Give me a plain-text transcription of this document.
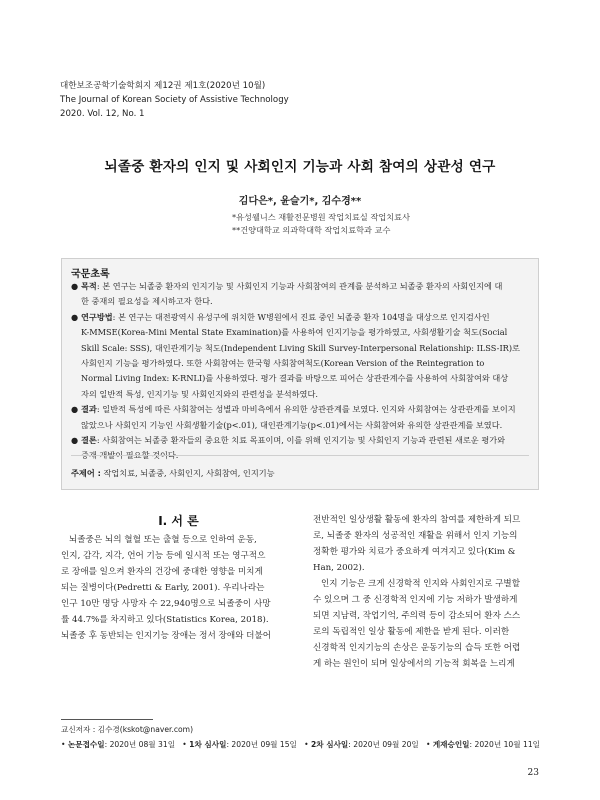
대한보조공학기술학회지 제12권 제1호(2020년 10월)
The Journal of Korean Society of Assistive Technology
2020. Vol. 12, No. 1
뇌졸중 환자의 인지 및 사회인지 기능과 사회 참여의 상관성 연구
김다은*, 윤슬기*, 김수경**
*유성웰니스 재활전문병원 작업치료실 작업치료사
**건양대학교 의과학대학 작업치료학과 교수
국문초록
● 목적: 본 연구는 뇌졸중 환자의 인지기능 및 사회인지 기능과 사회참여의 관계를 분석하고 뇌졸중 환자의 사회인지에 대
한 중재의 필요성을 제시하고자 한다.
● 연구방법: 본 연구는 대전광역시 유성구에 위치한 W병원에서 진료 중인 뇌졸중 환자 104명을 대상으로 인지검사인
K-MMSE(Korea-Mini Mental State Examination)를 사용하여 인지기능을 평가하였고, 사회생활기술 척도(Social
Skill Scale: SSS), 대인관계기능 척도(Independent Living Skill Survey-Interpersonal Relationship: ILSS-IR)로
사회인지 기능을 평가하였다. 또한 사회참여는 한국형 사회참여척도(Korean Version of the Reintegration to
Normal Living Index: K-RNLI)를 사용하였다. 평가 결과를 바탕으로 피어슨 상관관계수를 사용하여 사회참여와 대상
자의 일반적 특성, 인지기능 및 사회인지와의 관련성을 분석하였다.
● 결과: 일반적 특성에 따른 사회참여는 성별과 마비측에서 유의한 상관관계를 보였다. 인지와 사회참여는 상관관계를 보이지
않았으나 사회인지 기능인 사회생활기술(p<.01), 대인관계기능(p<.01)에서는 사회참여와 유의한 상관관계를 보였다.
● 결론: 사회참여는 뇌졸중 환자들의 중요한 치료 목표이며, 이를 위해 인지기능 및 사회인지 기능과 관련된 새로운 평가와
중재 개발이 필요할 것이다.
주제어 : 작업치료, 뇌졸중, 사회인지, 사회참여, 인지기능
I. 서 론
뇌졸중은 뇌의 혈혈 또는 출혈 등으로 인하여 운동,
인지, 감각, 지각, 언어 기능 등에 일시적 또는 영구적으
로 장애를 일으켜 환자의 건강에 중대한 영향을 미치게
되는 질병이다(Pedretti & Early, 2001). 우리나라는
인구 10만 명당 사망자 수 22,940명으로 뇌졸중이 사망
률 44.7%를 차지하고 있다(Statistics Korea, 2018).
뇌졸중 후 동반되는 인지기능 장애는 정서 장애와 더불어
전반적인 일상생활 활동에 환자의 참여를 제한하게 되므
로, 뇌졸중 환자의 성공적인 재활을 위해서 인지 기능의
정확한 평가와 치료가 중요하게 여겨지고 있다(Kim &
Han, 2002).
인지 기능은 크게 신경학적 인지와 사회인지로 구별할
수 있으며 그 중 신경학적 인지에 기능 저하가 발생하게
되면 지남력, 작업기억, 주의력 등이 감소되어 환자 스스
로의 독립적인 일상 활동에 제한을 받게 된다. 이러한
신경학적 인지기능의 손상은 운동기능의 습득 또한 어렵
게 하는 원인이 되며 일상에서의 기능적 회복을 느리게
교신저자 : 김수경(kskot@naver.com)
• 논문접수일: 2020년 08월 31일 • 1차 심사일: 2020년 09월 15일 • 2차 심사일: 2020년 09월 20일 • 게재승인일: 2020년 10월 11일
23
